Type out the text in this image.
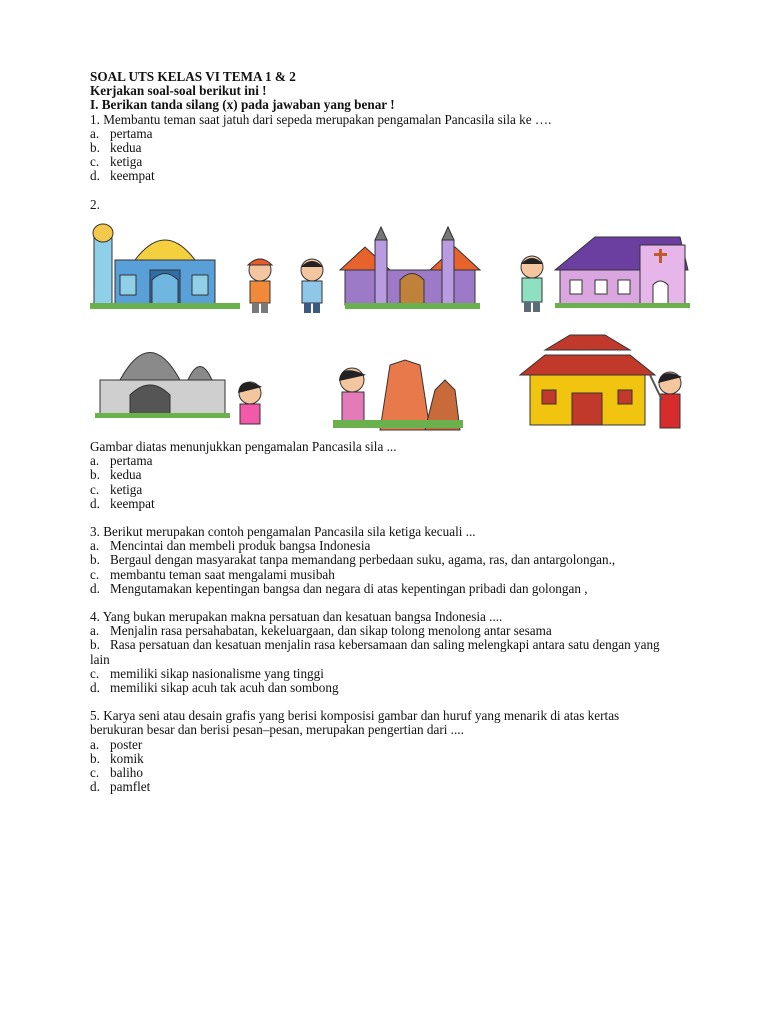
SOAL UTS KELAS VI TEMA 1 & 2
Kerjakan soal-soal berikut ini !
I. Berikan tanda silang (x) pada jawaban yang benar !
1. Membantu teman saat jatuh dari sepeda merupakan pengamalan Pancasila sila ke ….
a. pertama
b. kedua
c. ketiga
d. keempat
2.
Gambar diatas menunjukkan pengamalan Pancasila sila ...
a. pertama
b. kedua
c. ketiga
d. keempat
3. Berikut merupakan contoh pengamalan Pancasila sila ketiga kecuali ...
a. Mencintai dan membeli produk bangsa Indonesia
b. Bergaul dengan masyarakat tanpa memandang perbedaan suku, agama, ras, dan antargolongan.,
c. membantu teman saat mengalami musibah
d. Mengutamakan kepentingan bangsa dan negara di atas kepentingan pribadi dan golongan ,
4. Yang bukan merupakan makna persatuan dan kesatuan bangsa Indonesia ....
a. Menjalin rasa persahabatan, kekeluargaan, dan sikap tolong menolong antar sesama
b. Rasa persatuan dan kesatuan menjalin rasa kebersamaan dan saling melengkapi antara satu dengan yang lain
c. memiliki sikap nasionalisme yang tinggi
d. memiliki sikap acuh tak acuh dan sombong
5. Karya seni atau desain grafis yang berisi komposisi gambar dan huruf yang menarik di atas kertas berukuran besar dan berisi pesan–pesan, merupakan pengertian dari ....
a. poster
b. komik
c. baliho
d. pamflet
